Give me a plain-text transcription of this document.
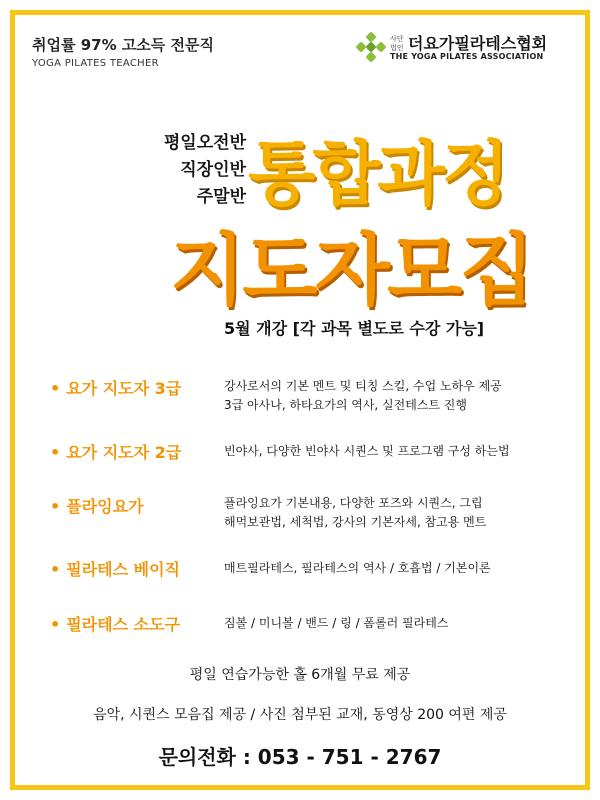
취업률 97% 고소득 전문직
YOGA PILATES TEACHER
사단법인 더요가필라테스협회
THE YOGA PILATES ASSOCIATION
평일오전반
직장인반
주말반 통합과정
지도자모집
5월 개강 [각 과목 별도로 수강 가능]
• 요가 지도자 3급	강사로서의 기본 멘트 및 티칭 스킬, 수업 노하우 제공
3급 아사나, 하타요가의 역사, 실전테스트 진행
• 요가 지도자 2급	빈야사, 다양한 빈야사 시퀀스 및 프로그램 구성 하는법
• 플라잉요가	플라잉요가 기본내용, 다양한 포즈와 시퀀스, 그립
해먹보관법, 세척법, 강사의 기본자세, 참고용 멘트
• 필라테스 베이직	매트필라테스, 필라테스의 역사 / 호흡법 / 기본이론
• 필라테스 소도구	짐볼 / 미니볼 / 밴드 / 링 / 폼롤러 필라테스
평일 연습가능한 홀 6개월 무료 제공
음악, 시퀀스 모음집 제공 / 사진 첨부된 교재, 동영상 200 여편 제공
문의전화 : 053 - 751 - 2767
